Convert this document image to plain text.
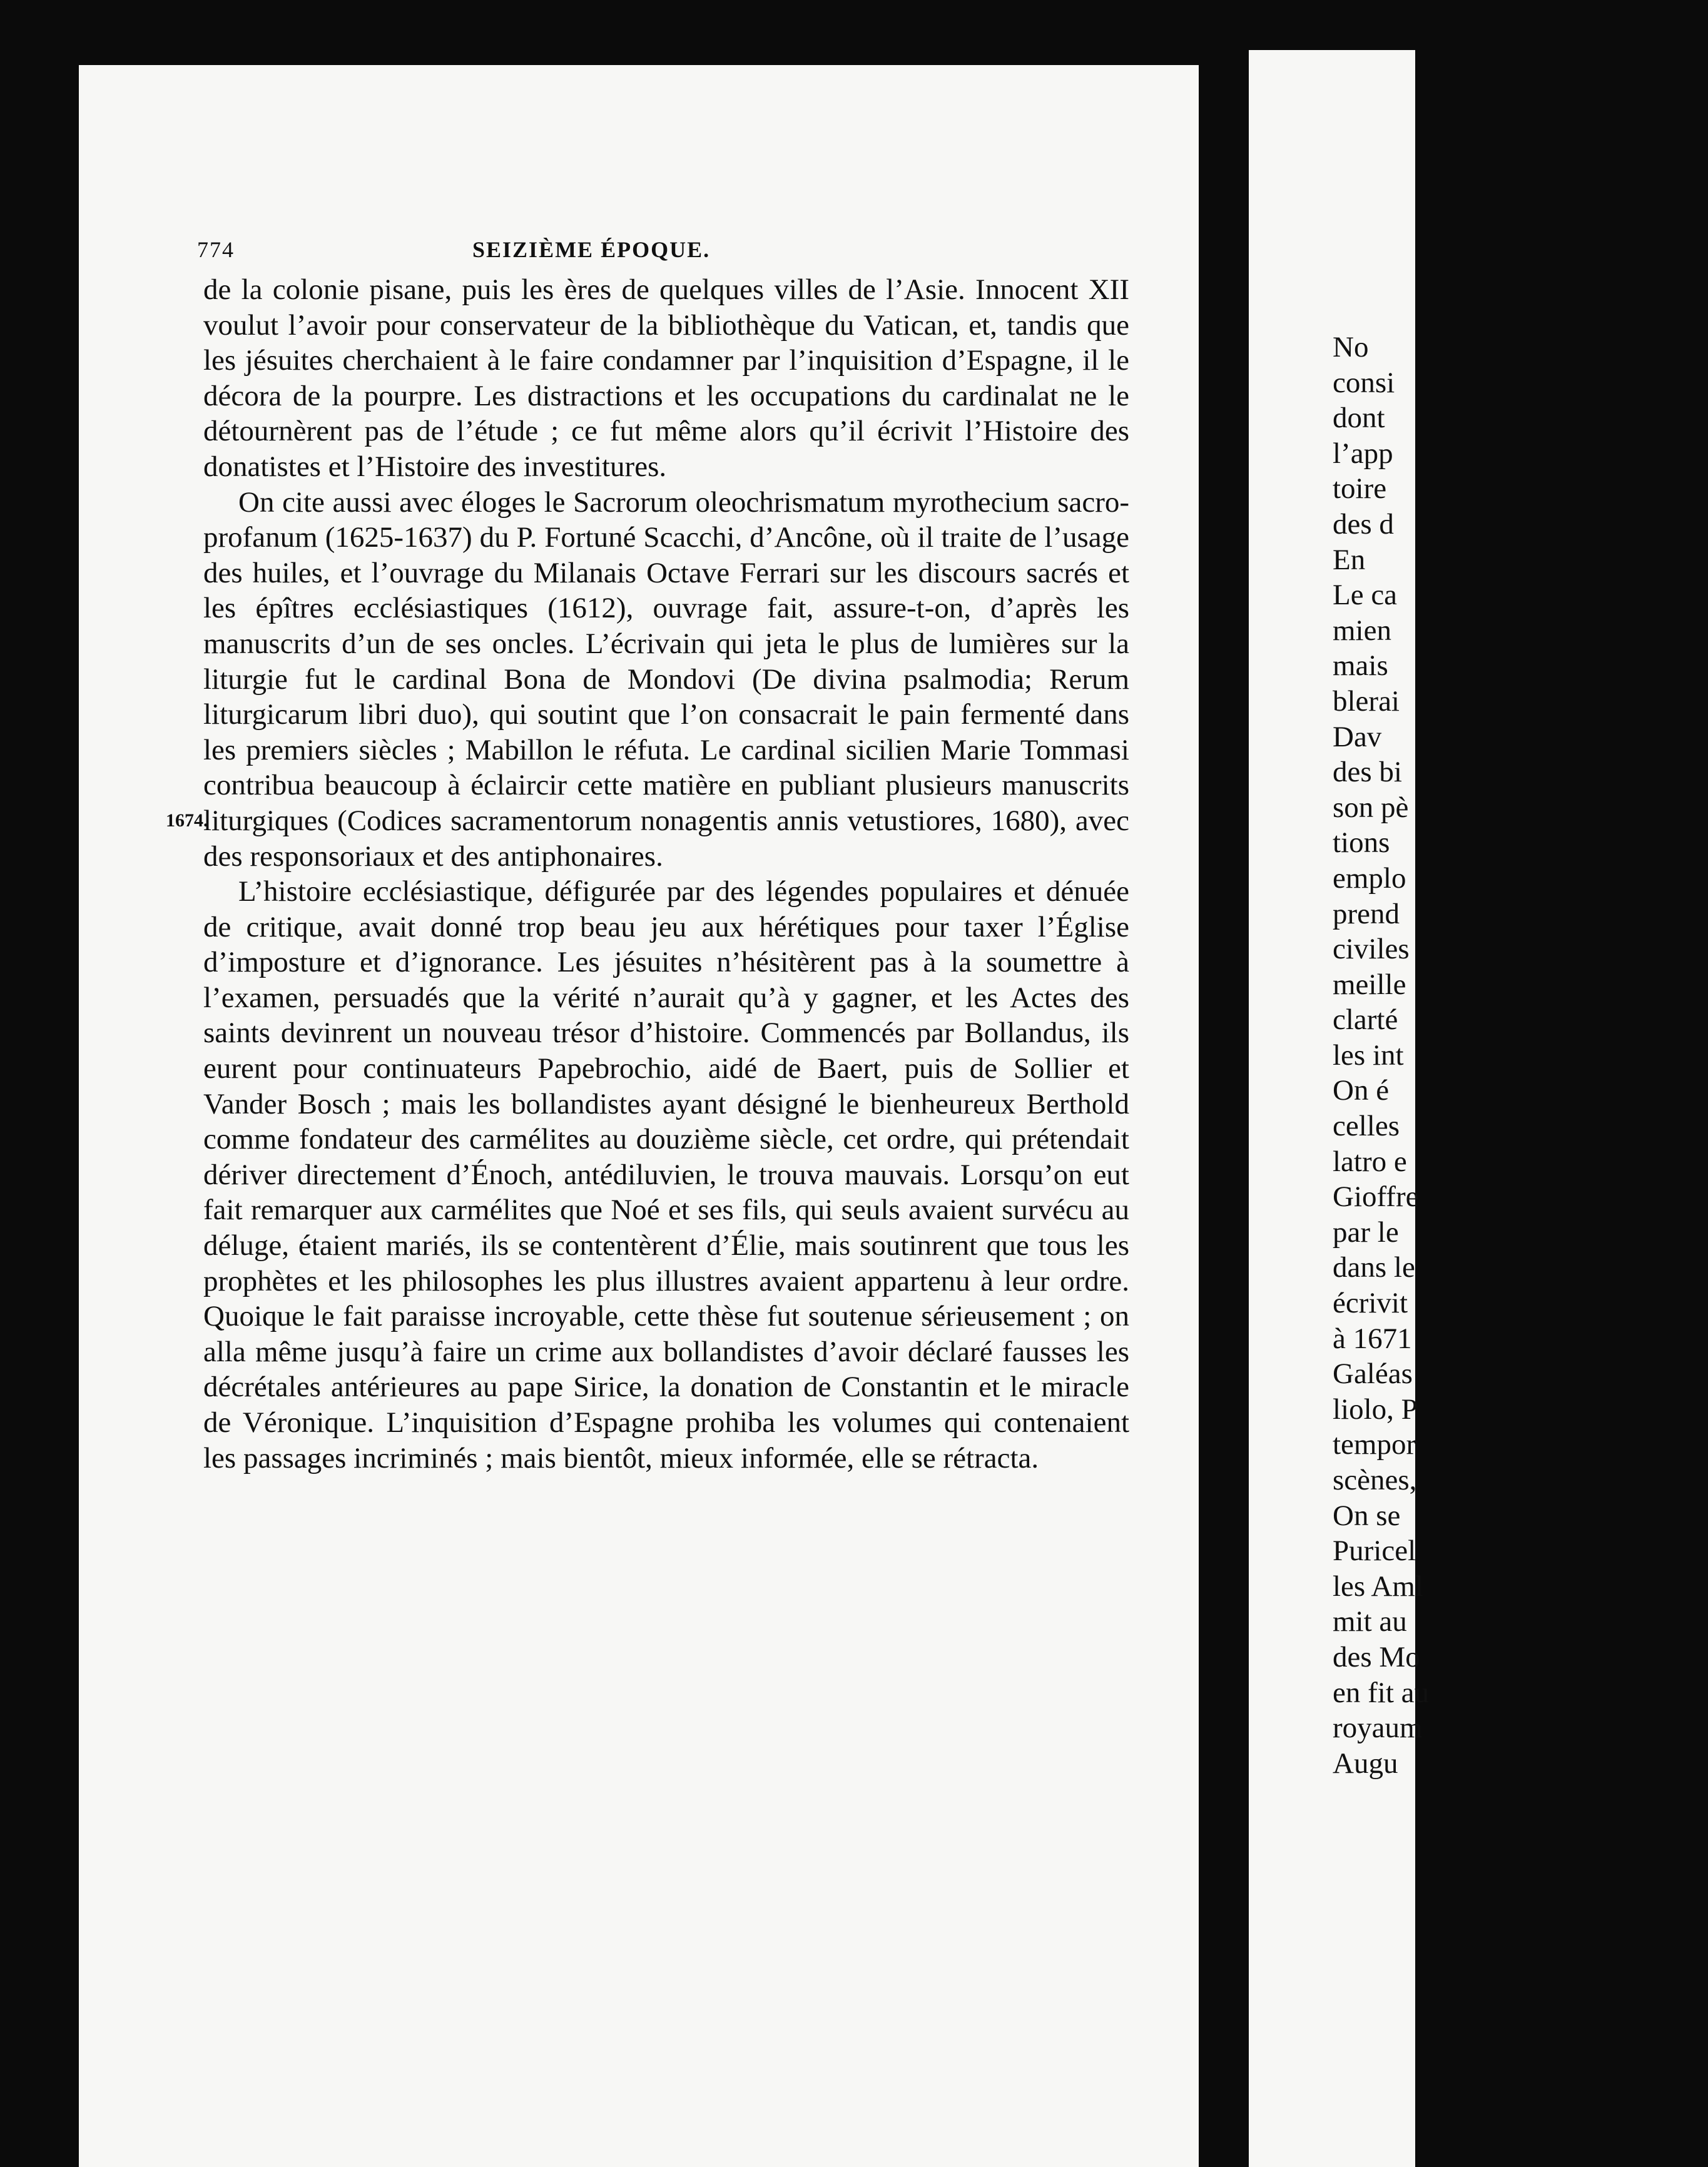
No
consi
dont
l’app
toire
des d
En
Le ca
mien
mais
blerai
Dav
des bi
son pè
tions
emplo
prend
civiles
meille
clarté
les int
On é
celles
latro e
Gioffre
par le
dans le
écrivit
à 1671
Galéas
liolo, P
tempor
scènes,
On se
Puricel
les Aml
mit au
des Mo
en fit au
royaum
Augu
774	SEIZIÈME ÉPOQUE.
1674.

de la colonie pisane, puis les ères de quelques villes de l’Asie. Innocent XII voulut l’avoir pour conservateur de la bibliothèque du Vatican, et, tandis que les jésuites cherchaient à le faire condamner par l’inquisition d’Espagne, il le décora de la pourpre. Les distractions et les occupations du cardinalat ne le détournèrent pas de l’étude ; ce fut même alors qu’il écrivit l’Histoire des donatistes et l’Histoire des investitures.

On cite aussi avec éloges le Sacrorum oleochrismatum myrothecium sacro-profanum (1625-1637) du P. Fortuné Scacchi, d’Ancône, où il traite de l’usage des huiles, et l’ouvrage du Milanais Octave Ferrari sur les discours sacrés et les épîtres ecclésiastiques (1612), ouvrage fait, assure-t-on, d’après les manuscrits d’un de ses oncles. L’écrivain qui jeta le plus de lumières sur la liturgie fut le cardinal Bona de Mondovi (De divina psalmodia; Rerum liturgicarum libri duo), qui soutint que l’on consacrait le pain fermenté dans les premiers siècles ; Mabillon le réfuta. Le cardinal sicilien Marie Tommasi contribua beaucoup à éclaircir cette matière en publiant plusieurs manuscrits liturgiques (Codices sacramentorum nonagentis annis vetustiores, 1680), avec des responsoriaux et des antiphonaires.

L’histoire ecclésiastique, défigurée par des légendes populaires et dénuée de critique, avait donné trop beau jeu aux hérétiques pour taxer l’Église d’imposture et d’ignorance. Les jésuites n’hésitèrent pas à la soumettre à l’examen, persuadés que la vérité n’aurait qu’à y gagner, et les Actes des saints devinrent un nouveau trésor d’histoire. Commencés par Bollandus, ils eurent pour continuateurs Papebrochio, aidé de Baert, puis de Sollier et Vander Bosch ; mais les bollandistes ayant désigné le bienheureux Berthold comme fondateur des carmélites au douzième siècle, cet ordre, qui prétendait dériver directement d’Énoch, antédiluvien, le trouva mauvais. Lorsqu’on eut fait remarquer aux carmélites que Noé et ses fils, qui seuls avaient survécu au déluge, étaient mariés, ils se contentèrent d’Élie, mais soutinrent que tous les prophètes et les philosophes les plus illustres avaient appartenu à leur ordre. Quoique le fait paraisse incroyable, cette thèse fut soutenue sérieusement ; on alla même jusqu’à faire un crime aux bollandistes d’avoir déclaré fausses les décrétales antérieures au pape Sirice, la donation de Constantin et le miracle de Véronique. L’inquisition d’Espagne prohiba les volumes qui contenaient les passages incriminés ; mais bientôt, mieux informée, elle se rétracta.
